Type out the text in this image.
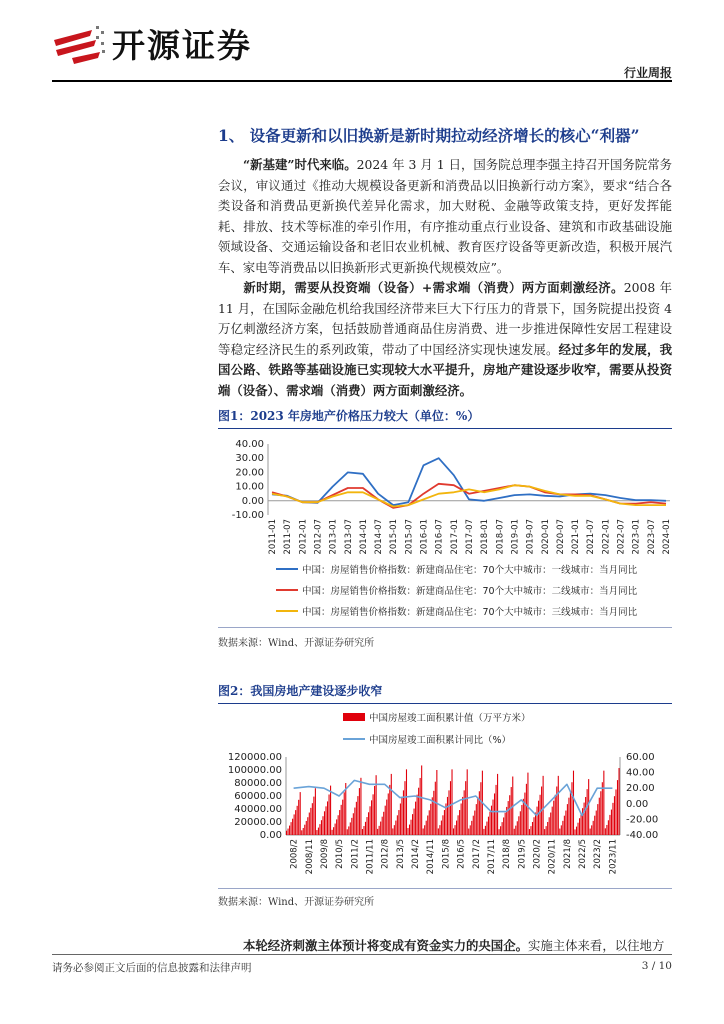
开源证券
行业周报
1、 设备更新和以旧换新是新时期拉动经济增长的核心“利器”

“新基建”时代来临。2024 年 3 月 1 日，国务院总理李强主持召开国务院常务会议，审议通过《推动大规模设备更新和消费品以旧换新行动方案》，要求“结合各类设备和消费品更新换代差异化需求，加大财税、金融等政策支持，更好发挥能耗、排放、技术等标准的牵引作用，有序推动重点行业设备、建筑和市政基础设施领域设备、交通运输设备和老旧农业机械、教育医疗设备等更新改造，积极开展汽车、家电等消费品以旧换新形式更新换代规模效应”。

新时期，需要从投资端（设备）+需求端（消费）两方面刺激经济。2008 年 11 月，在国际金融危机给我国经济带来巨大下行压力的背景下，国务院提出投资 4 万亿刺激经济方案，包括鼓励普通商品住房消费、进一步推进保障性安居工程建设等稳定经济民生的系列政策，带动了中国经济实现快速发展。经过多年的发展，我国公路、铁路等基础设施已实现较大水平提升，房地产建设逐步收窄，需要从投资端（设备）、需求端（消费）两方面刺激经济。

图1：2023 年房地产价格压力较大（单位：%）
40.00
30.00
20.00
10.00
0.00
-10.00
2011-01 2011-07 2012-01 2012-07 2013-01 2013-07 2014-01 2014-07 2015-01 2015-07 2016-01 2016-07 2017-01 2017-07 2018-01 2018-07 2019-01 2019-07 2020-01 2020-07 2021-01 2021-07 2022-01 2022-07 2023-01 2023-07 2024-01
中国：房屋销售价格指数：新建商品住宅：70个大中城市：一线城市：当月同比
中国：房屋销售价格指数：新建商品住宅：70个大中城市：二线城市：当月同比
中国：房屋销售价格指数：新建商品住宅：70个大中城市：三线城市：当月同比
数据来源：Wind、开源证券研究所
图2：我国房地产建设逐步收窄
中国房屋竣工面积累计值（万平方米）
中国房屋竣工面积累计同比（%）
120000.00
100000.00
80000.00
60000.00
40000.00
20000.00
0.00
60.00
40.00
20.00
0.00
-20.00
-40.00
2008/2 2008/11 2009/8 2010/5 2011/2 2011/11 2012/8 2013/5 2014/2 2014/11 2015/8 2016/5 2017/2 2017/11 2018/8 2019/5 2020/2 2020/11 2021/8 2022/5 2023/2 2023/11
数据来源：Wind、开源证券研究所

本轮经济刺激主体预计将变成有资金实力的央国企。实施主体来看，以往地方

请务必参阅正文后面的信息披露和法律声明	3 / 10
